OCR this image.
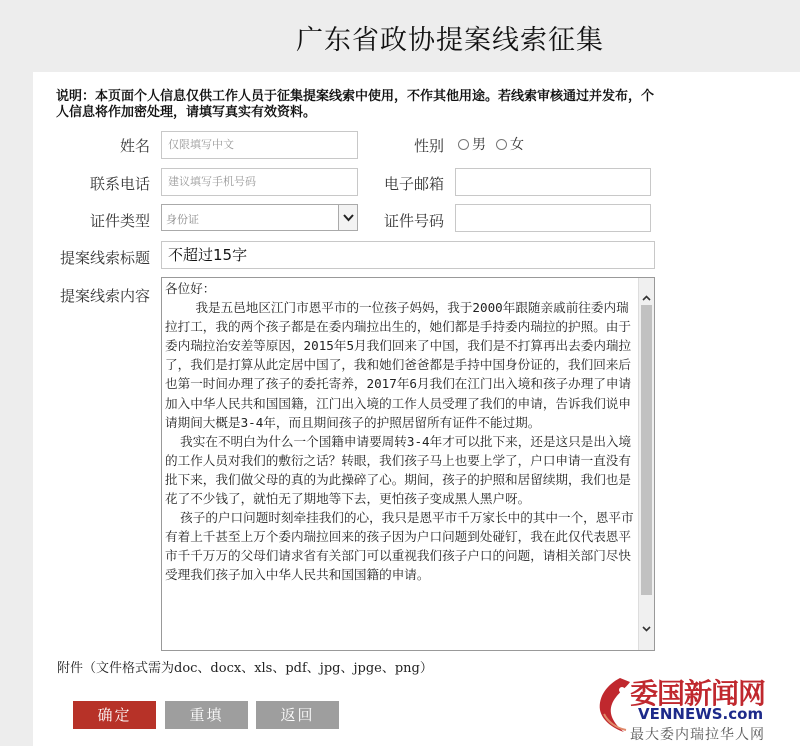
广东省政协提案线索征集
说明：本页面个人信息仅供工作人员于征集提案线索中使用，不作其他用途。若线索审核通过并发布，个人信息将作加密处理，请填写真实有效资料。
姓名	仅限填写中文	性别 男 女
联系电话	建议填写手机号码	电子邮箱
证件类型 身份证	证件号码
提案线索标题	不超过15字
提案线索内容 各位好：
我是五邑地区江门市恩平市的一位孩子妈妈，我于2000年跟随亲戚前往委内瑞拉打工，我的两个孩子都是在委内瑞拉出生的，她们都是手持委内瑞拉的护照。由于委内瑞拉治安差等原因，2015年5月我们回来了中国，我们是不打算再出去委内瑞拉了，我们是打算从此定居中国了，我和她们爸爸都是手持中国身份证的，我们回来后也第一时间办理了孩子的委托寄养，2017年6月我们在江门出入境和孩子办理了申请加入中华人民共和国国籍，江门出入境的工作人员受理了我们的申请，告诉我们说申请期间大概是3-4年，而且期间孩子的护照居留所有证件不能过期。
我实在不明白为什么一个国籍申请要周转3-4年才可以批下来，还是这只是出入境的工作人员对我们的敷衍之话？转眼，我们孩子马上也要上学了，户口申请一直没有批下来，我们做父母的真的为此操碎了心。期间，孩子的护照和居留续期，我们也是花了不少钱了，就怕无了期地等下去，更怕孩子变成黑人黑户呀。
孩子的户口问题时刻牵挂我们的心，我只是恩平市千万家长中的其中一个，恩平市有着上千甚至上万个委内瑞拉回来的孩子因为户口问题到处碰钉，我在此仅代表恩平市千千万万的父母们请求省有关部门可以重视我们孩子户口的问题，请相关部门尽快受理我们孩子加入中华人民共和国国籍的申请。
附件（文件格式需为doc、docx、xls、pdf、jpg、jpge、png）
确定	重填	返回
委国新闻网
VENNEWS.com
最大委内瑞拉华人网
